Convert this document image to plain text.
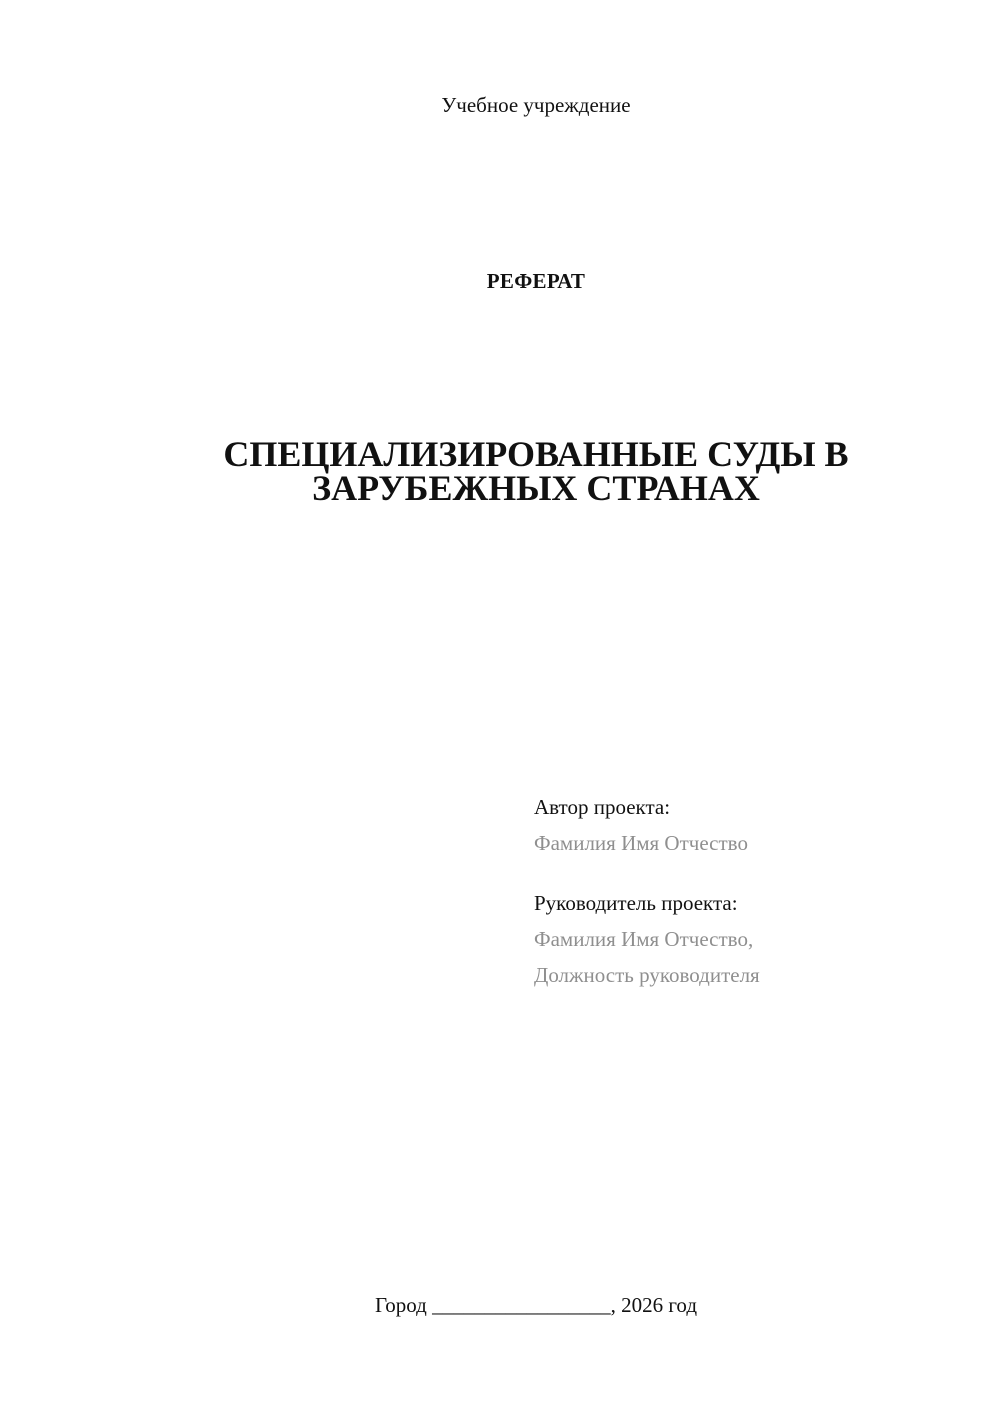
Учебное учреждение
РЕФЕРАТ
СПЕЦИАЛИЗИРОВАННЫЕ СУДЫ В
ЗАРУБЕЖНЫХ СТРАНАХ
Автор проекта:
Фамилия Имя Отчество
Руководитель проекта:
Фамилия Имя Отчество,
Должность руководителя
Город _________________, 2026 год
